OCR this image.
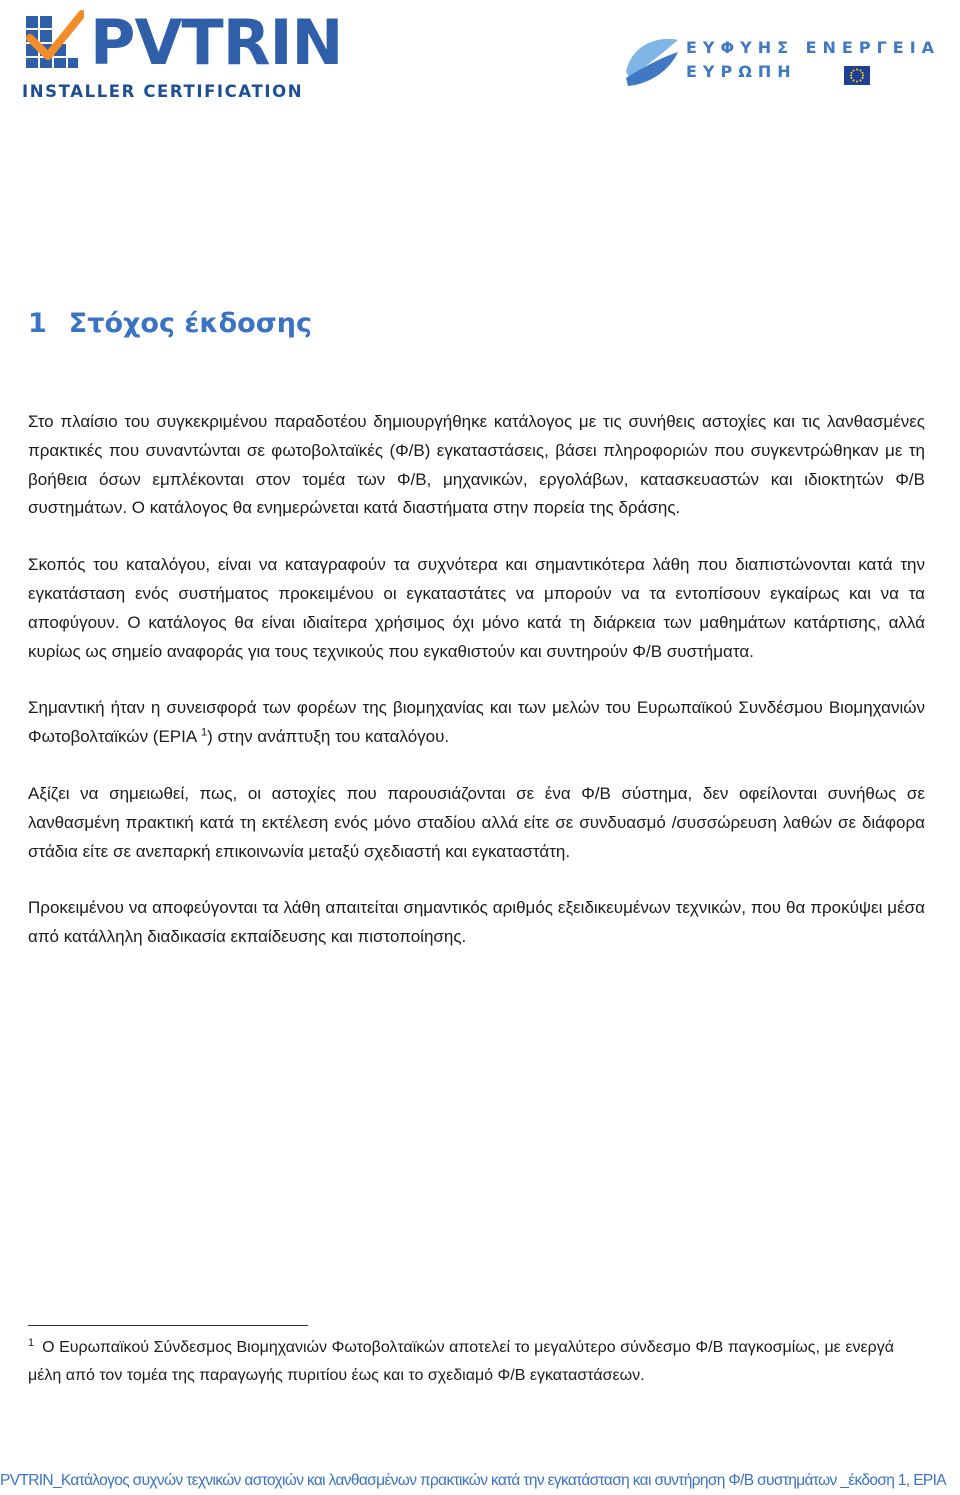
PVTRIN
INSTALLER CERTIFICATION
ΕΥΦΥΗΣ ΕΝΕΡΓΕΙΑ
ΕΥΡΩΠΗ
1 Στόχος έκδοσης

Στο πλαίσιο του συγκεκριμένου παραδοτέου δημιουργήθηκε κατάλογος με τις συνήθεις αστοχίες και τις λανθασμένες πρακτικές που συναντώνται σε φωτοβολταϊκές (Φ/Β) εγκαταστάσεις, βάσει πληροφοριών που συγκεντρώθηκαν με τη βοήθεια όσων εμπλέκονται στον τομέα των Φ/Β, μηχανικών, εργολάβων, κατασκευαστών και ιδιοκτητών Φ/Β συστημάτων. Ο κατάλογος θα ενημερώνεται κατά διαστήματα στην πορεία της δράσης.

Σκοπός του καταλόγου, είναι να καταγραφούν τα συχνότερα και σημαντικότερα λάθη που διαπιστώνονται κατά την εγκατάσταση ενός συστήματος προκειμένου οι εγκαταστάτες να μπορούν να τα εντοπίσουν εγκαίρως και να τα αποφύγουν. Ο κατάλογος θα είναι ιδιαίτερα χρήσιμος όχι μόνο κατά τη διάρκεια των μαθημάτων κατάρτισης, αλλά κυρίως ως σημείο αναφοράς για τους τεχνικούς που εγκαθιστούν και συντηρούν Φ/Β συστήματα.

Σημαντική ήταν η συνεισφορά των φορέων της βιομηχανίας και των μελών του Ευρωπαϊκού Συνδέσμου Βιομηχανιών Φωτοβολταϊκών (EPIA $^1$) στην ανάπτυξη του καταλόγου.

Αξίζει να σημειωθεί, πως, οι αστοχίες που παρουσιάζονται σε ένα Φ/Β σύστημα, δεν οφείλονται συνήθως σε λανθασμένη πρακτική κατά τη εκτέλεση ενός μόνο σταδίου αλλά είτε σε συνδυασμό /συσσώρευση λαθών σε διάφορα στάδια είτε σε ανεπαρκή επικοινωνία μεταξύ σχεδιαστή και εγκαταστάτη.

Προκειμένου να αποφεύγονται τα λάθη απαιτείται σημαντικός αριθμός εξειδικευμένων τεχνικών, που θα προκύψει μέσα από κατάλληλη διαδικασία εκπαίδευσης και πιστοποίησης.

$^1$ Ο Ευρωπαϊκού Σύνδεσμος Βιομηχανιών Φωτοβολταϊκών αποτελεί το μεγαλύτερο σύνδεσμο Φ/Β παγκοσμίως, με ενεργά μέλη από τον τομέα της παραγωγής πυριτίου έως και το σχεδιαμό Φ/Β εγκαταστάσεων.
PVTRIN_Κατάλογος συχνών τεχνικών αστοχιών και λανθασμένων πρακτικών κατά την εγκατάσταση και συντήρηση Φ/Β συστημάτων _έκδοση 1, EPIA
